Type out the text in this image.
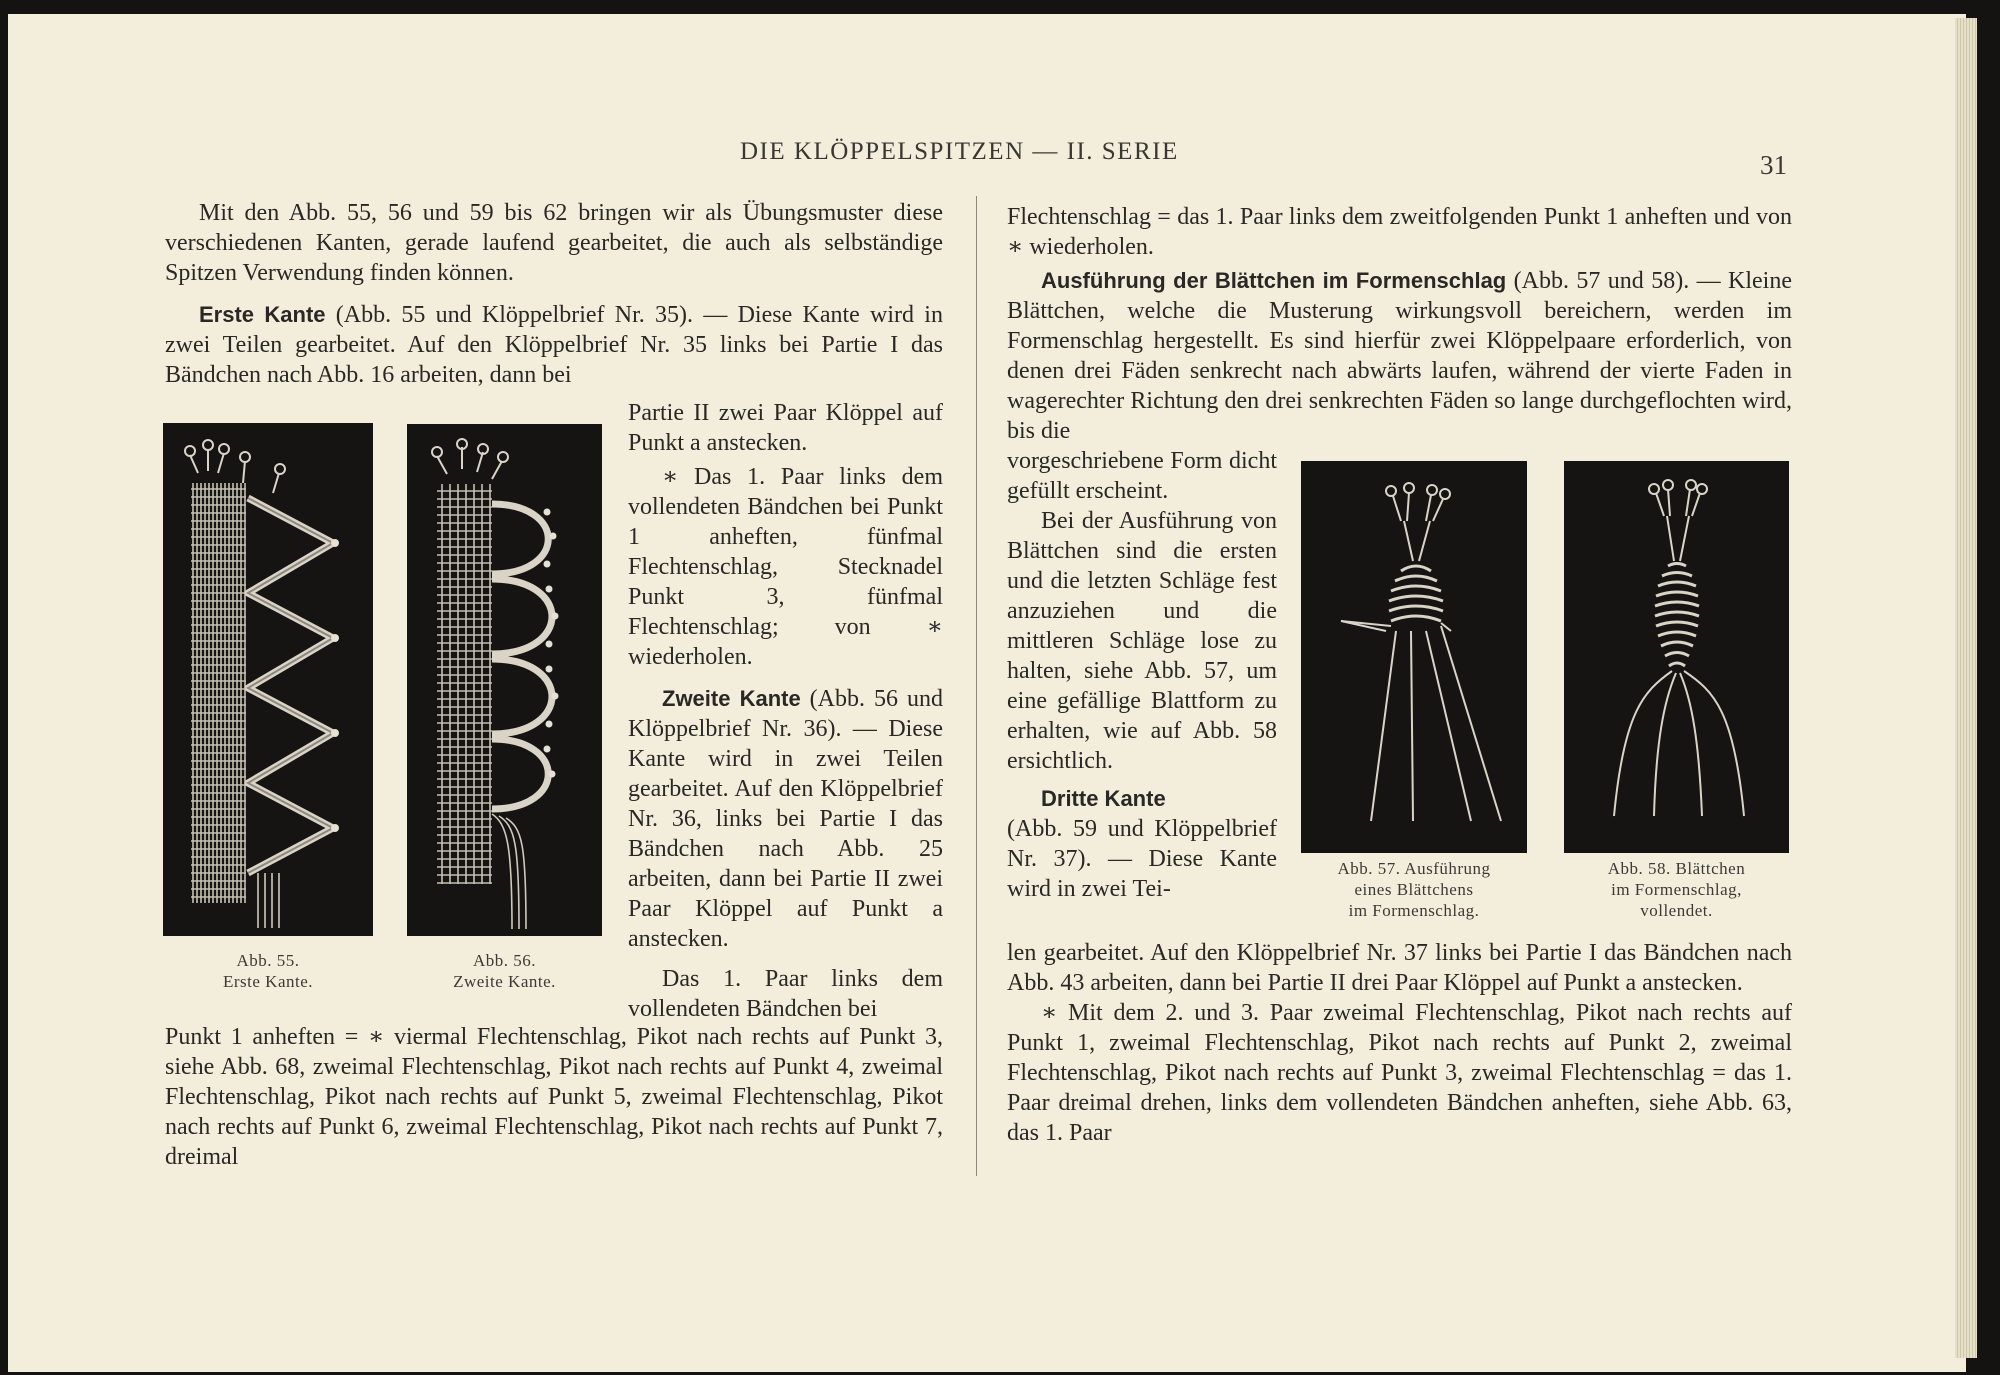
DIE KLÖPPELSPITZEN — II. SERIE	31

Mit den Abb. 55, 56 und 59 bis 62 bringen wir als Übungsmuster diese verschiedenen Kanten, gerade laufend gearbeitet, die auch als selbständige Spitzen Verwendung finden können.

Erste Kante (Abb. 55 und Klöppelbrief Nr. 35). — Diese Kante wird in zwei Teilen gearbeitet. Auf den Klöppelbrief Nr. 35 links bei Partie I das Bändchen nach Abb. 16 arbeiten, dann bei

Partie II zwei Paar Klöppel auf Punkt a anstecken.

∗ Das 1. Paar links dem vollendeten Bändchen bei Punkt 1 anheften, fünfmal Flechtenschlag, Stecknadel Punkt 3, fünfmal Flechtenschlag; von ∗ wiederholen.

Zweite Kante (Abb. 56 und Klöppelbrief Nr. 36). — Diese Kante wird in zwei Teilen gearbeitet. Auf den Klöppelbrief Nr. 36, links bei Partie I das Bändchen nach Abb. 25 arbeiten, dann bei Partie II zwei Paar Klöppel auf Punkt a anstecken.

Das 1. Paar links dem vollendeten Bändchen bei

Punkt 1 anheften = ∗ viermal Flechtenschlag, Pikot nach rechts auf Punkt 3, siehe Abb. 68, zweimal Flechtenschlag, Pikot nach rechts auf Punkt 4, zweimal Flechtenschlag, Pikot nach rechts auf Punkt 5, zweimal Flechtenschlag, Pikot nach rechts auf Punkt 6, zweimal Flechtenschlag, Pikot nach rechts auf Punkt 7, dreimal

Flechtenschlag = das 1. Paar links dem zweitfolgenden Punkt 1 anheften und von ∗ wiederholen.

Ausführung der Blättchen im Formenschlag (Abb. 57 und 58). — Kleine Blättchen, welche die Musterung wirkungsvoll bereichern, werden im Formenschlag hergestellt. Es sind hierfür zwei Klöppelpaare erforderlich, von denen drei Fäden senkrecht nach abwärts laufen, während der vierte Faden in wagerechter Richtung den drei senkrechten Fäden so lange durchgeflochten wird, bis die

vorgeschriebene Form dicht gefüllt erscheint.

Bei der Ausführung von Blättchen sind die ersten und die letzten Schläge fest anzuziehen und die mittleren Schläge lose zu halten, siehe Abb. 57, um eine gefällige Blattform zu erhalten, wie auf Abb. 58 ersichtlich.

Dritte Kante

(Abb. 59 und Klöppelbrief Nr. 37). — Diese Kante wird in zwei Tei-

len gearbeitet. Auf den Klöppelbrief Nr. 37 links bei Partie I das Bändchen nach Abb. 43 arbeiten, dann bei Partie II drei Paar Klöppel auf Punkt a anstecken.

∗ Mit dem 2. und 3. Paar zweimal Flechtenschlag, Pikot nach rechts auf Punkt 1, zweimal Flechtenschlag, Pikot nach rechts auf Punkt 2, zweimal Flechtenschlag, Pikot nach rechts auf Punkt 3, zweimal Flechtenschlag = das 1. Paar dreimal drehen, links dem vollendeten Bändchen anheften, siehe Abb. 63, das 1. Paar

Abb. 55.
Erste Kante.
Abb. 56.
Zweite Kante.
Abb. 57. Ausführung
eines Blättchens
im Formenschlag.
Abb. 58. Blättchen
im Formenschlag,
vollendet.
